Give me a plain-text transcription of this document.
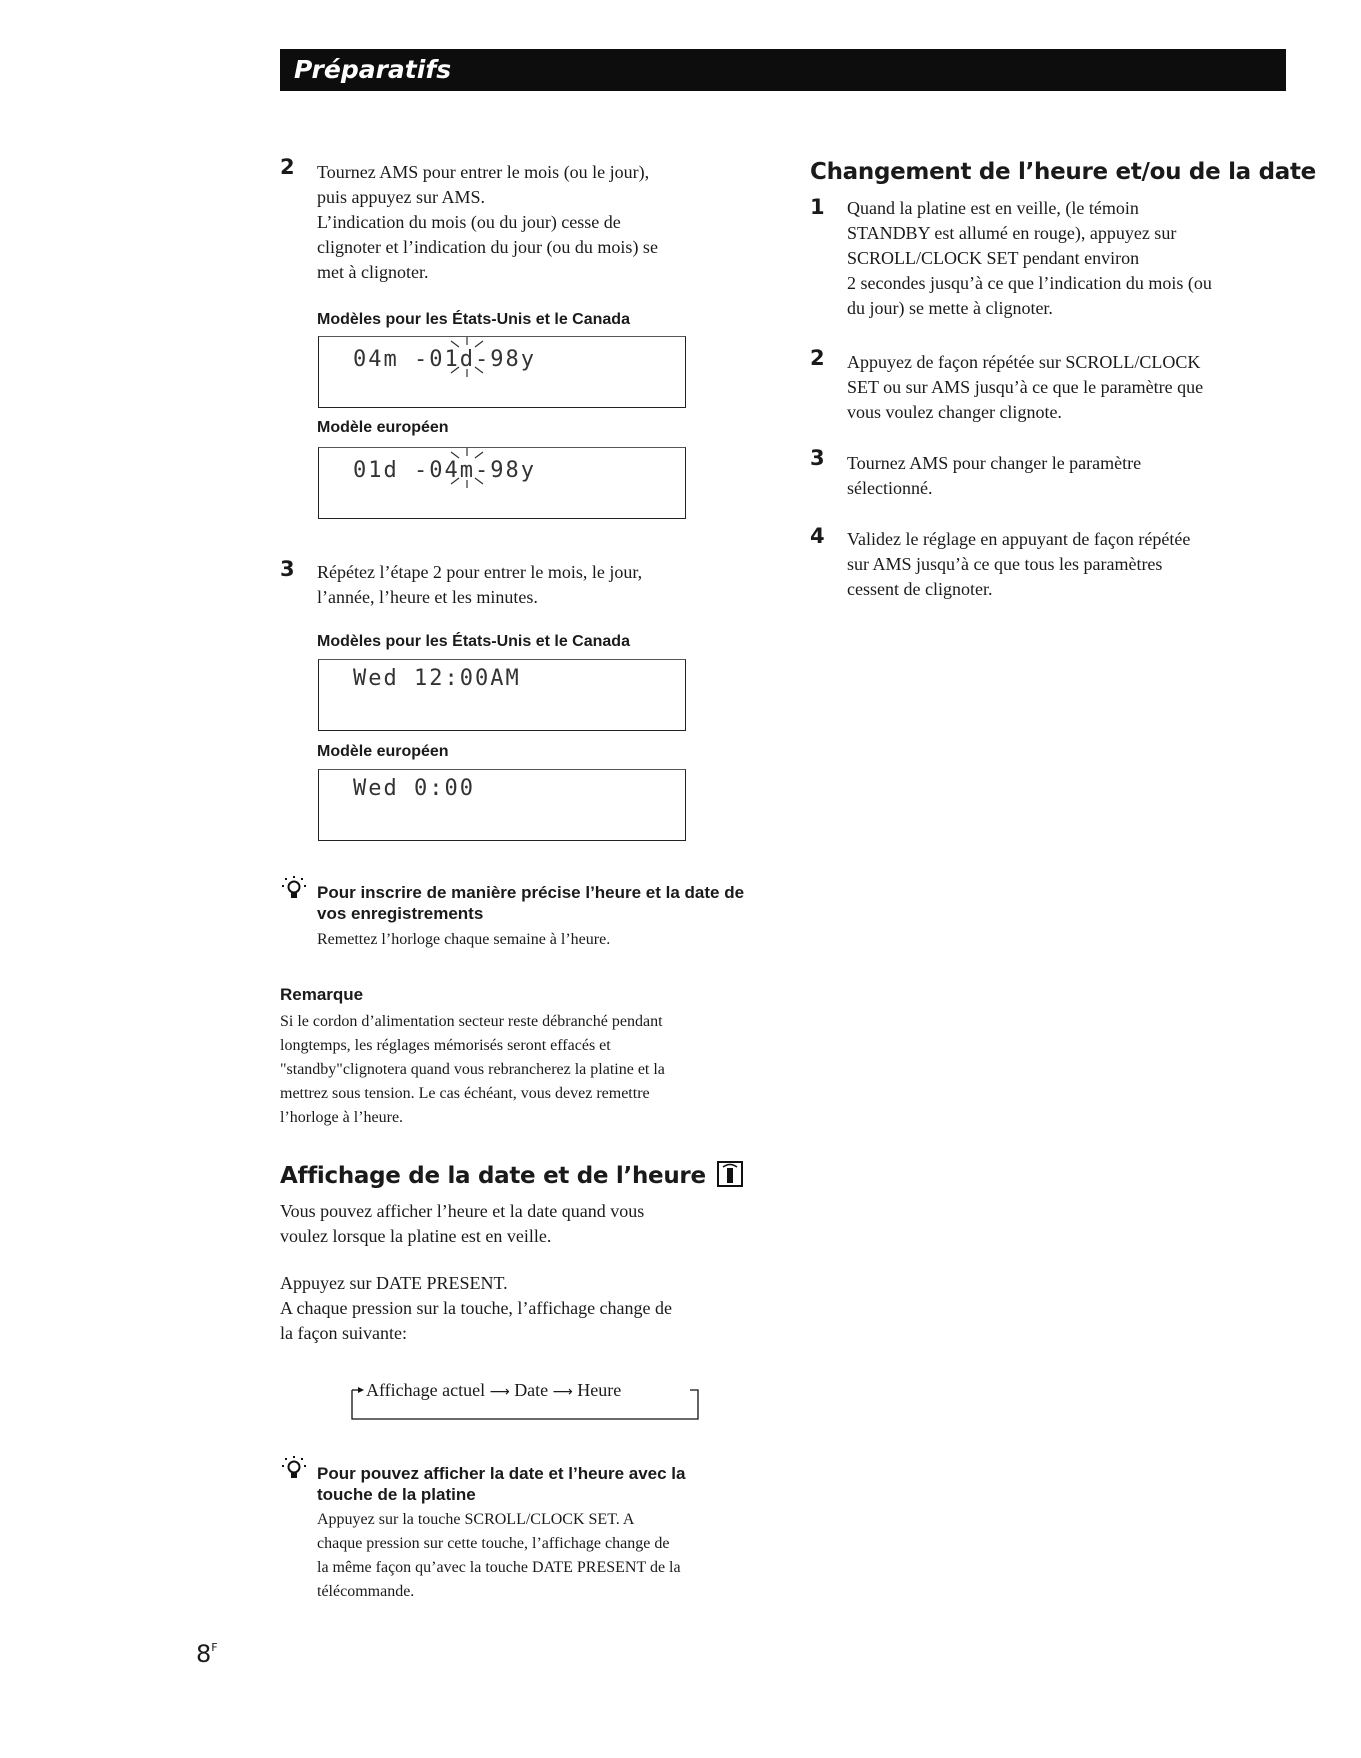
Préparatifs
2 Tournez AMS pour entrer le mois (ou le jour),
puis appuyez sur AMS.
L’indication du mois (ou du jour) cesse de
clignoter et l’indication du jour (ou du mois) se
met à clignoter.
Modèles pour les États-Unis et le Canada
04m -01d-98y
Modèle européen
01d -04m-98y
3 Répétez l’étape 2 pour entrer le mois, le jour,
l’année, l’heure et les minutes.
Modèles pour les États-Unis et le Canada
Wed 12:00AM
Modèle européen
Wed 0:00
Pour inscrire de manière précise l’heure et la date de
vos enregistrements
Remettez l’horloge chaque semaine à l’heure.
Remarque
Si le cordon d’alimentation secteur reste débranché pendant
longtemps, les réglages mémorisés seront effacés et
"standby"clignotera quand vous rebrancherez la platine et la
mettrez sous tension. Le cas échéant, vous devez remettre
l’horloge à l’heure.
Affichage de la date et de l’heure
Vous pouvez afficher l’heure et la date quand vous
voulez lorsque la platine est en veille.
Appuyez sur DATE PRESENT.
A chaque pression sur la touche, l’affichage change de
la façon suivante:
Affichage actuel ⟶ Date ⟶ Heure
Pour pouvez afficher la date et l’heure avec la
touche de la platine
Appuyez sur la touche SCROLL/CLOCK SET. A
chaque pression sur cette touche, l’affichage change de
la même façon qu’avec la touche DATE PRESENT de la
télécommande.
$8^F$
Changement de l’heure et/ou de la date
1 Quand la platine est en veille, (le témoin
STANDBY est allumé en rouge), appuyez sur
SCROLL/CLOCK SET pendant environ
2 secondes jusqu’à ce que l’indication du mois (ou
du jour) se mette à clignoter.
2 Appuyez de façon répétée sur SCROLL/CLOCK
SET ou sur AMS jusqu’à ce que le paramètre que
vous voulez changer clignote.
3 Tournez AMS pour changer le paramètre
sélectionné.
4 Validez le réglage en appuyant de façon répétée
sur AMS jusqu’à ce que tous les paramètres
cessent de clignoter.
